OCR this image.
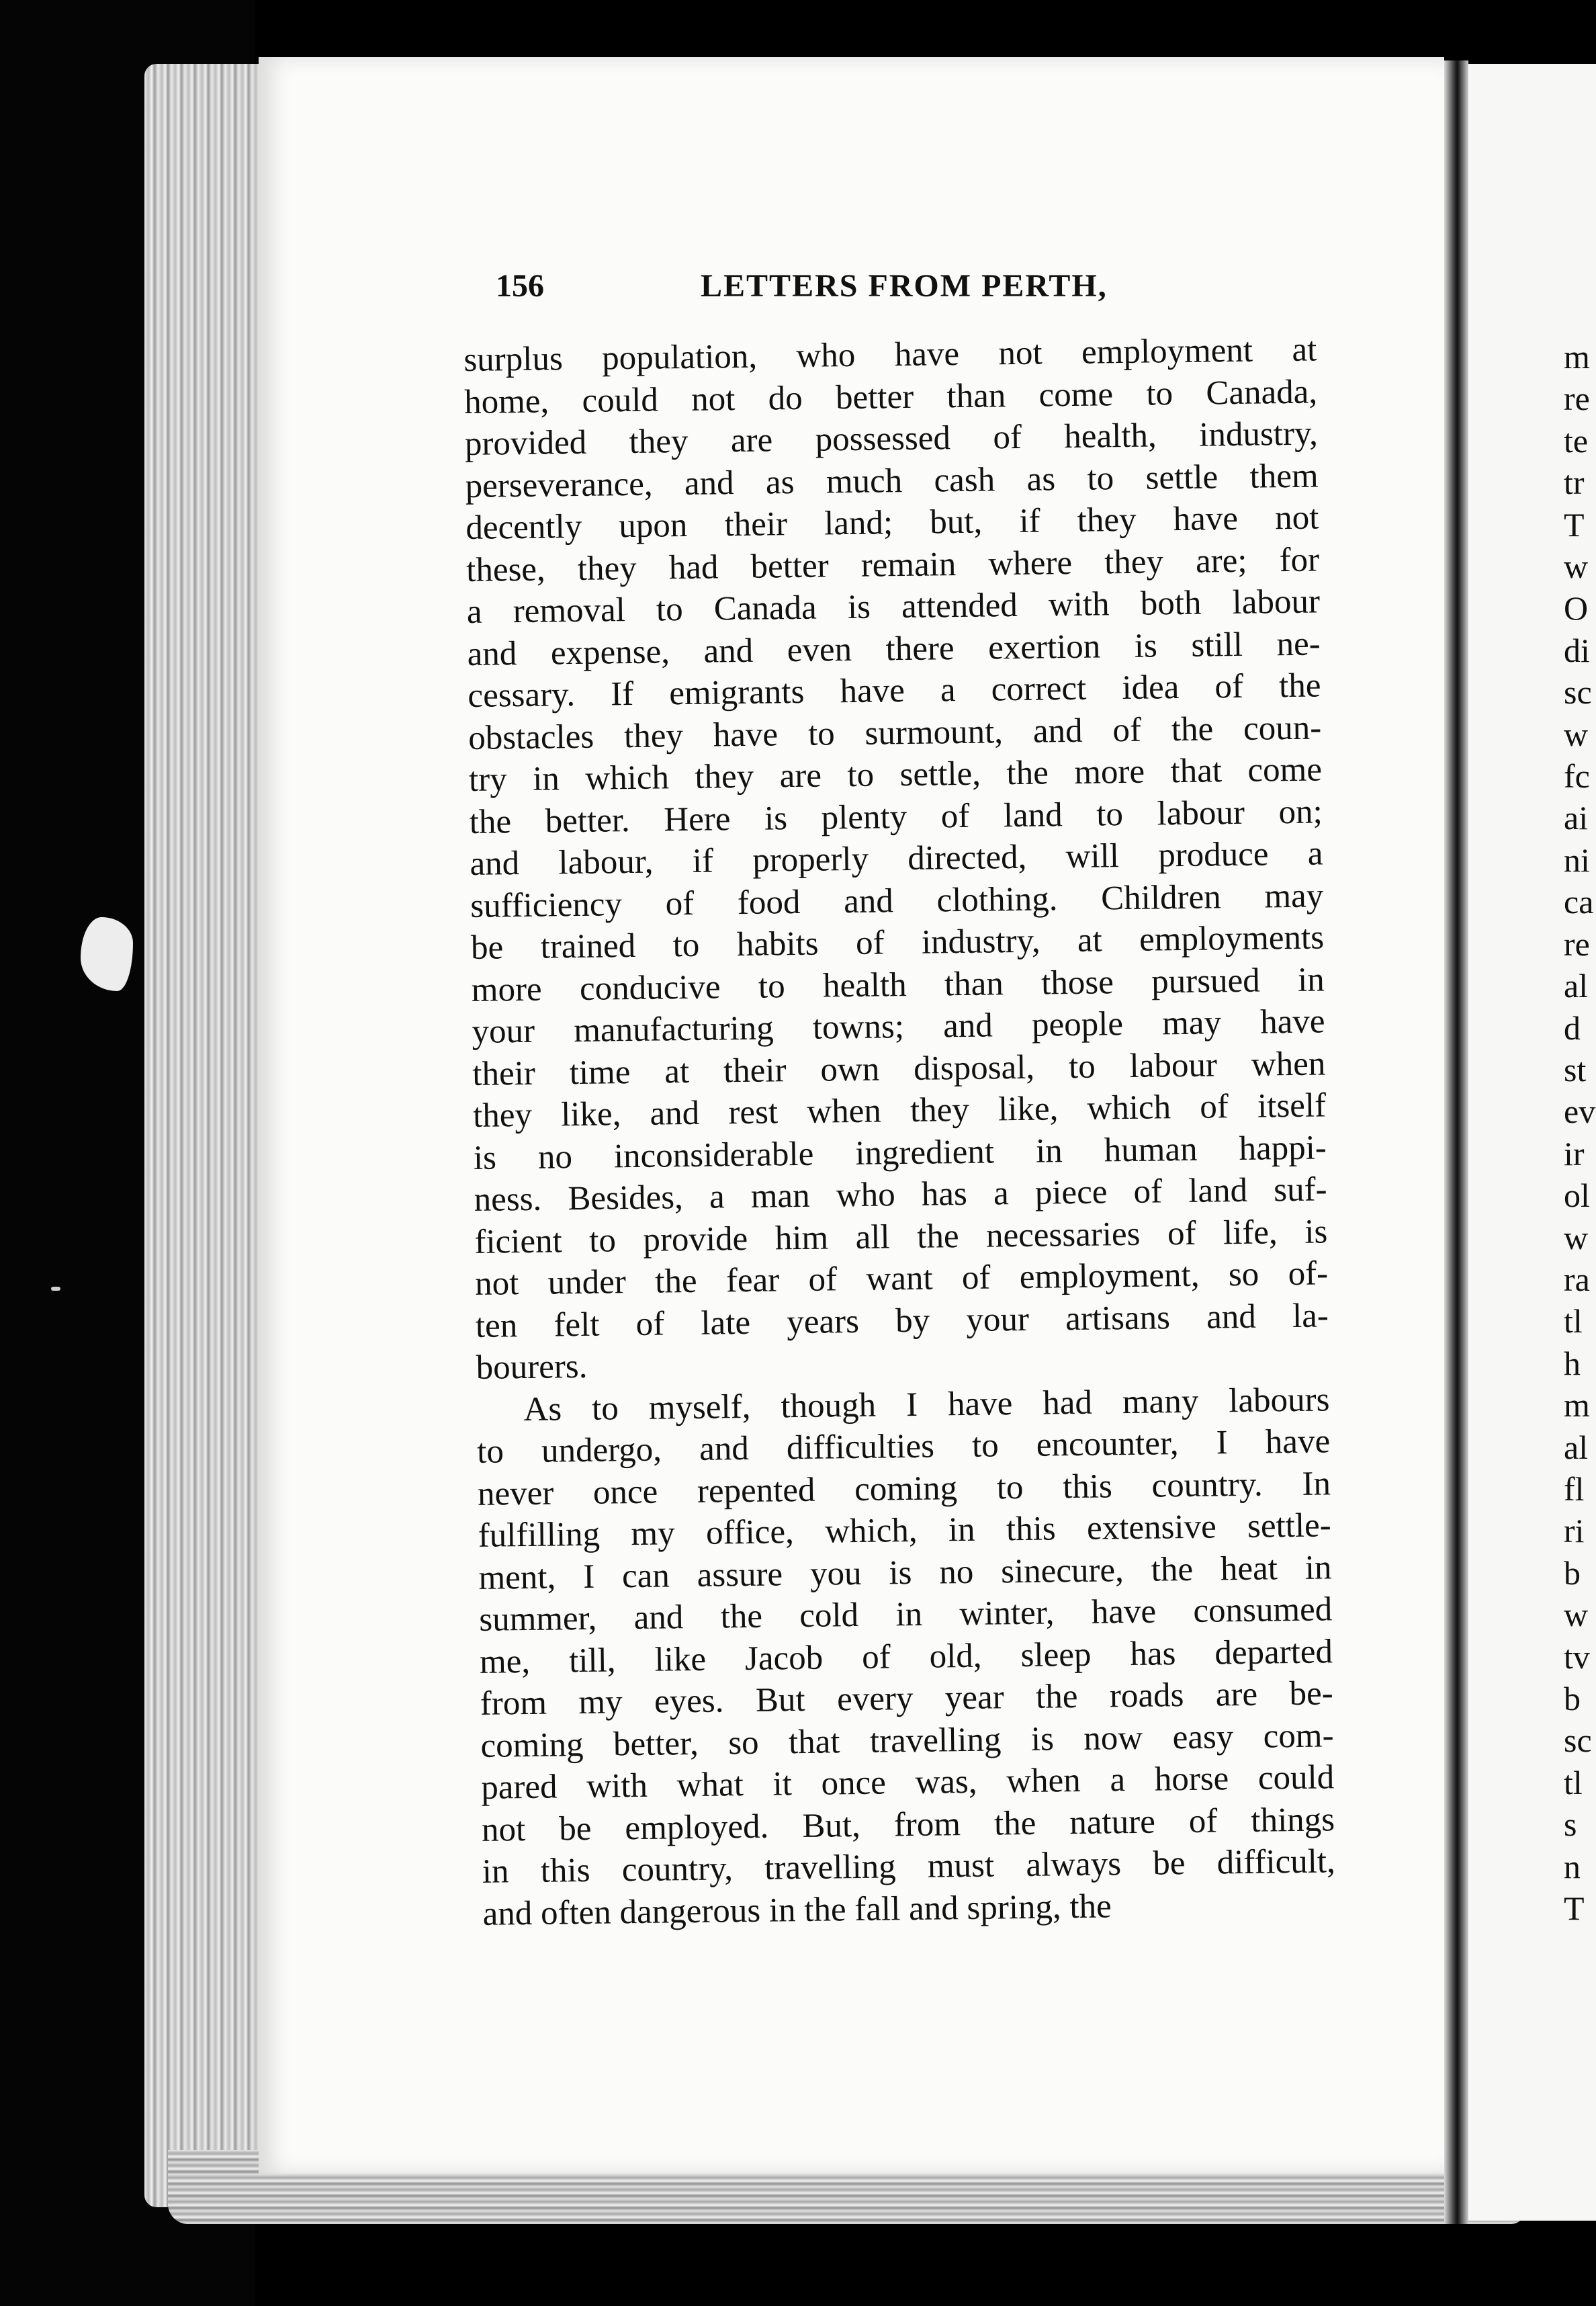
m
re
te
tr
T
w
O
di
sc
w
fc
ai
ni
ca
re
al
d
st
ev
ir
ol
w
ra
tl
h
m
al
fl
ri
b
w
tv
b
sc
tl
s
n
T
156	LETTERS FROM PERTH,
surplus population, who have not employment at
home, could not do better than come to Canada,
provided they are possessed of health, industry,
perseverance, and as much cash as to settle them
decently upon their land; but, if they have not
these, they had better remain where they are; for
a removal to Canada is attended with both labour
and expense, and even there exertion is still ne-
cessary. If emigrants have a correct idea of the
obstacles they have to surmount, and of the coun-
try in which they are to settle, the more that come
the better. Here is plenty of land to labour on;
and labour, if properly directed, will produce a
sufficiency of food and clothing. Children may
be trained to habits of industry, at employments
more conducive to health than those pursued in
your manufacturing towns; and people may have
their time at their own disposal, to labour when
they like, and rest when they like, which of itself
is no inconsiderable ingredient in human happi-
ness. Besides, a man who has a piece of land suf-
ficient to provide him all the necessaries of life, is
not under the fear of want of employment, so of-
ten felt of late years by your artisans and la-
bourers.
As to myself, though I have had many labours
to undergo, and difficulties to encounter, I have
never once repented coming to this country. In
fulfilling my office, which, in this extensive settle-
ment, I can assure you is no sinecure, the heat in
summer, and the cold in winter, have consumed
me, till, like Jacob of old, sleep has departed
from my eyes. But every year the roads are be-
coming better, so that travelling is now easy com-
pared with what it once was, when a horse could
not be employed. But, from the nature of things
in this country, travelling must always be difficult,
and often dangerous in the fall and spring, the
